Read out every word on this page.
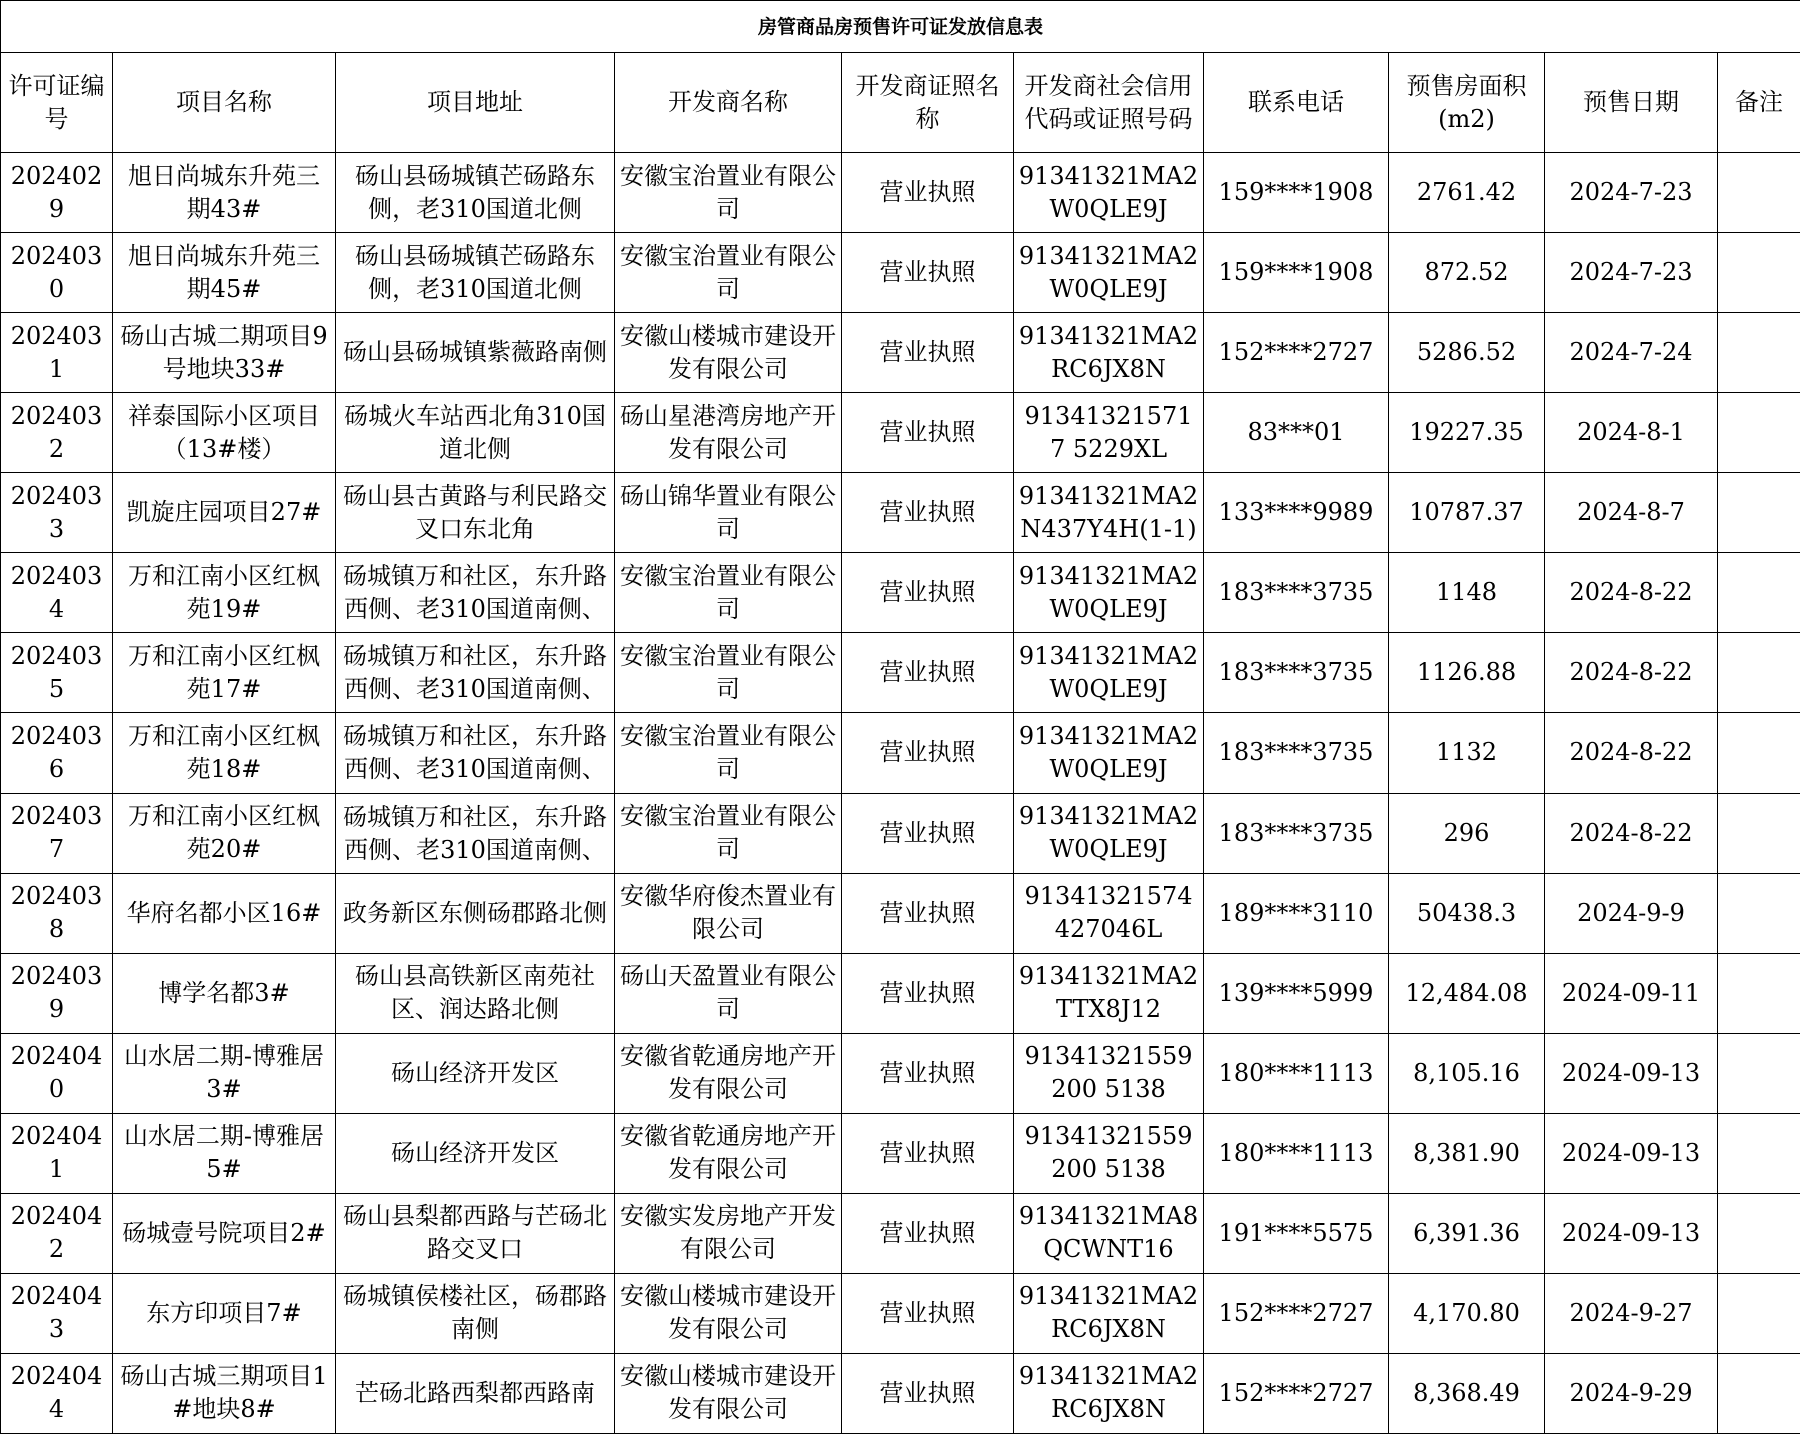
房管商品房预售许可证发放信息表									
许可证编号	项目名称	项目地址	开发商名称	开发商证照名称	开发商社会信用代码或证照号码	联系电话	预售房面积(m2)	预售日期	备注
2024029	旭日尚城东升苑三期43#	砀山县砀城镇芒砀路东侧，老310国道北侧	安徽宝治置业有限公司	营业执照	91341321MA2W0QLE9J	159****1908	2761.42	2024-7-23	
2024030	旭日尚城东升苑三期45#	砀山县砀城镇芒砀路东侧，老310国道北侧	安徽宝治置业有限公司	营业执照	91341321MA2W0QLE9J	159****1908	872.52	2024-7-23	
2024031	砀山古城二期项目9号地块33#	砀山县砀城镇紫薇路南侧	安徽山楼城市建设开发有限公司	营业执照	91341321MA2RC6JX8N	152****2727	5286.52	2024-7-24	
2024032	祥泰国际小区项目（13#楼）	砀城火车站西北角310国道北侧	砀山星港湾房地产开发有限公司	营业执照	913413215717 5229XL	83***01	19227.35	2024-8-1	
2024033	凯旋庄园项目27#	砀山县古黄路与利民路交叉口东北角	砀山锦华置业有限公司	营业执照	91341321MA2N437Y4H(1-1)	133****9989	10787.37	2024-8-7	
2024034	万和江南小区红枫苑19#	砀城镇万和社区，东升路西侧、老310国道南侧、	安徽宝治置业有限公司	营业执照	91341321MA2W0QLE9J	183****3735	1148	2024-8-22	
2024035	万和江南小区红枫苑17#	砀城镇万和社区，东升路西侧、老310国道南侧、	安徽宝治置业有限公司	营业执照	91341321MA2W0QLE9J	183****3735	1126.88	2024-8-22	
2024036	万和江南小区红枫苑18#	砀城镇万和社区，东升路西侧、老310国道南侧、	安徽宝治置业有限公司	营业执照	91341321MA2W0QLE9J	183****3735	1132	2024-8-22	
2024037	万和江南小区红枫苑20#	砀城镇万和社区，东升路西侧、老310国道南侧、	安徽宝治置业有限公司	营业执照	91341321MA2W0QLE9J	183****3735	296	2024-8-22	
2024038	华府名都小区16#	政务新区东侧砀郡路北侧	安徽华府俊杰置业有限公司	营业执照	91341321574427046L	189****3110	50438.3	2024-9-9	
2024039	博学名都3#	砀山县高铁新区南苑社区、润达路北侧	砀山天盈置业有限公司	营业执照	91341321MA2TTX8J12	139****5999	12,484.08	2024-09-11	
2024040	山水居二期-博雅居3#	砀山经济开发区	安徽省乾通房地产开发有限公司	营业执照	91341321559200 5138	180****1113	8,105.16	2024-09-13	
2024041	山水居二期-博雅居5#	砀山经济开发区	安徽省乾通房地产开发有限公司	营业执照	91341321559200 5138	180****1113	8,381.90	2024-09-13	
2024042	砀城壹号院项目2#	砀山县梨都西路与芒砀北路交叉口	安徽实发房地产开发有限公司	营业执照	91341321MA8QCWNT16	191****5575	6,391.36	2024-09-13	
2024043	东方印项目7#	砀城镇侯楼社区，砀郡路南侧	安徽山楼城市建设开发有限公司	营业执照	91341321MA2RC6JX8N	152****2727	4,170.80	2024-9-27	
2024044	砀山古城三期项目1#地块8#	芒砀北路西梨都西路南	安徽山楼城市建设开发有限公司	营业执照	91341321MA2RC6JX8N	152****2727	8,368.49	2024-9-29	
